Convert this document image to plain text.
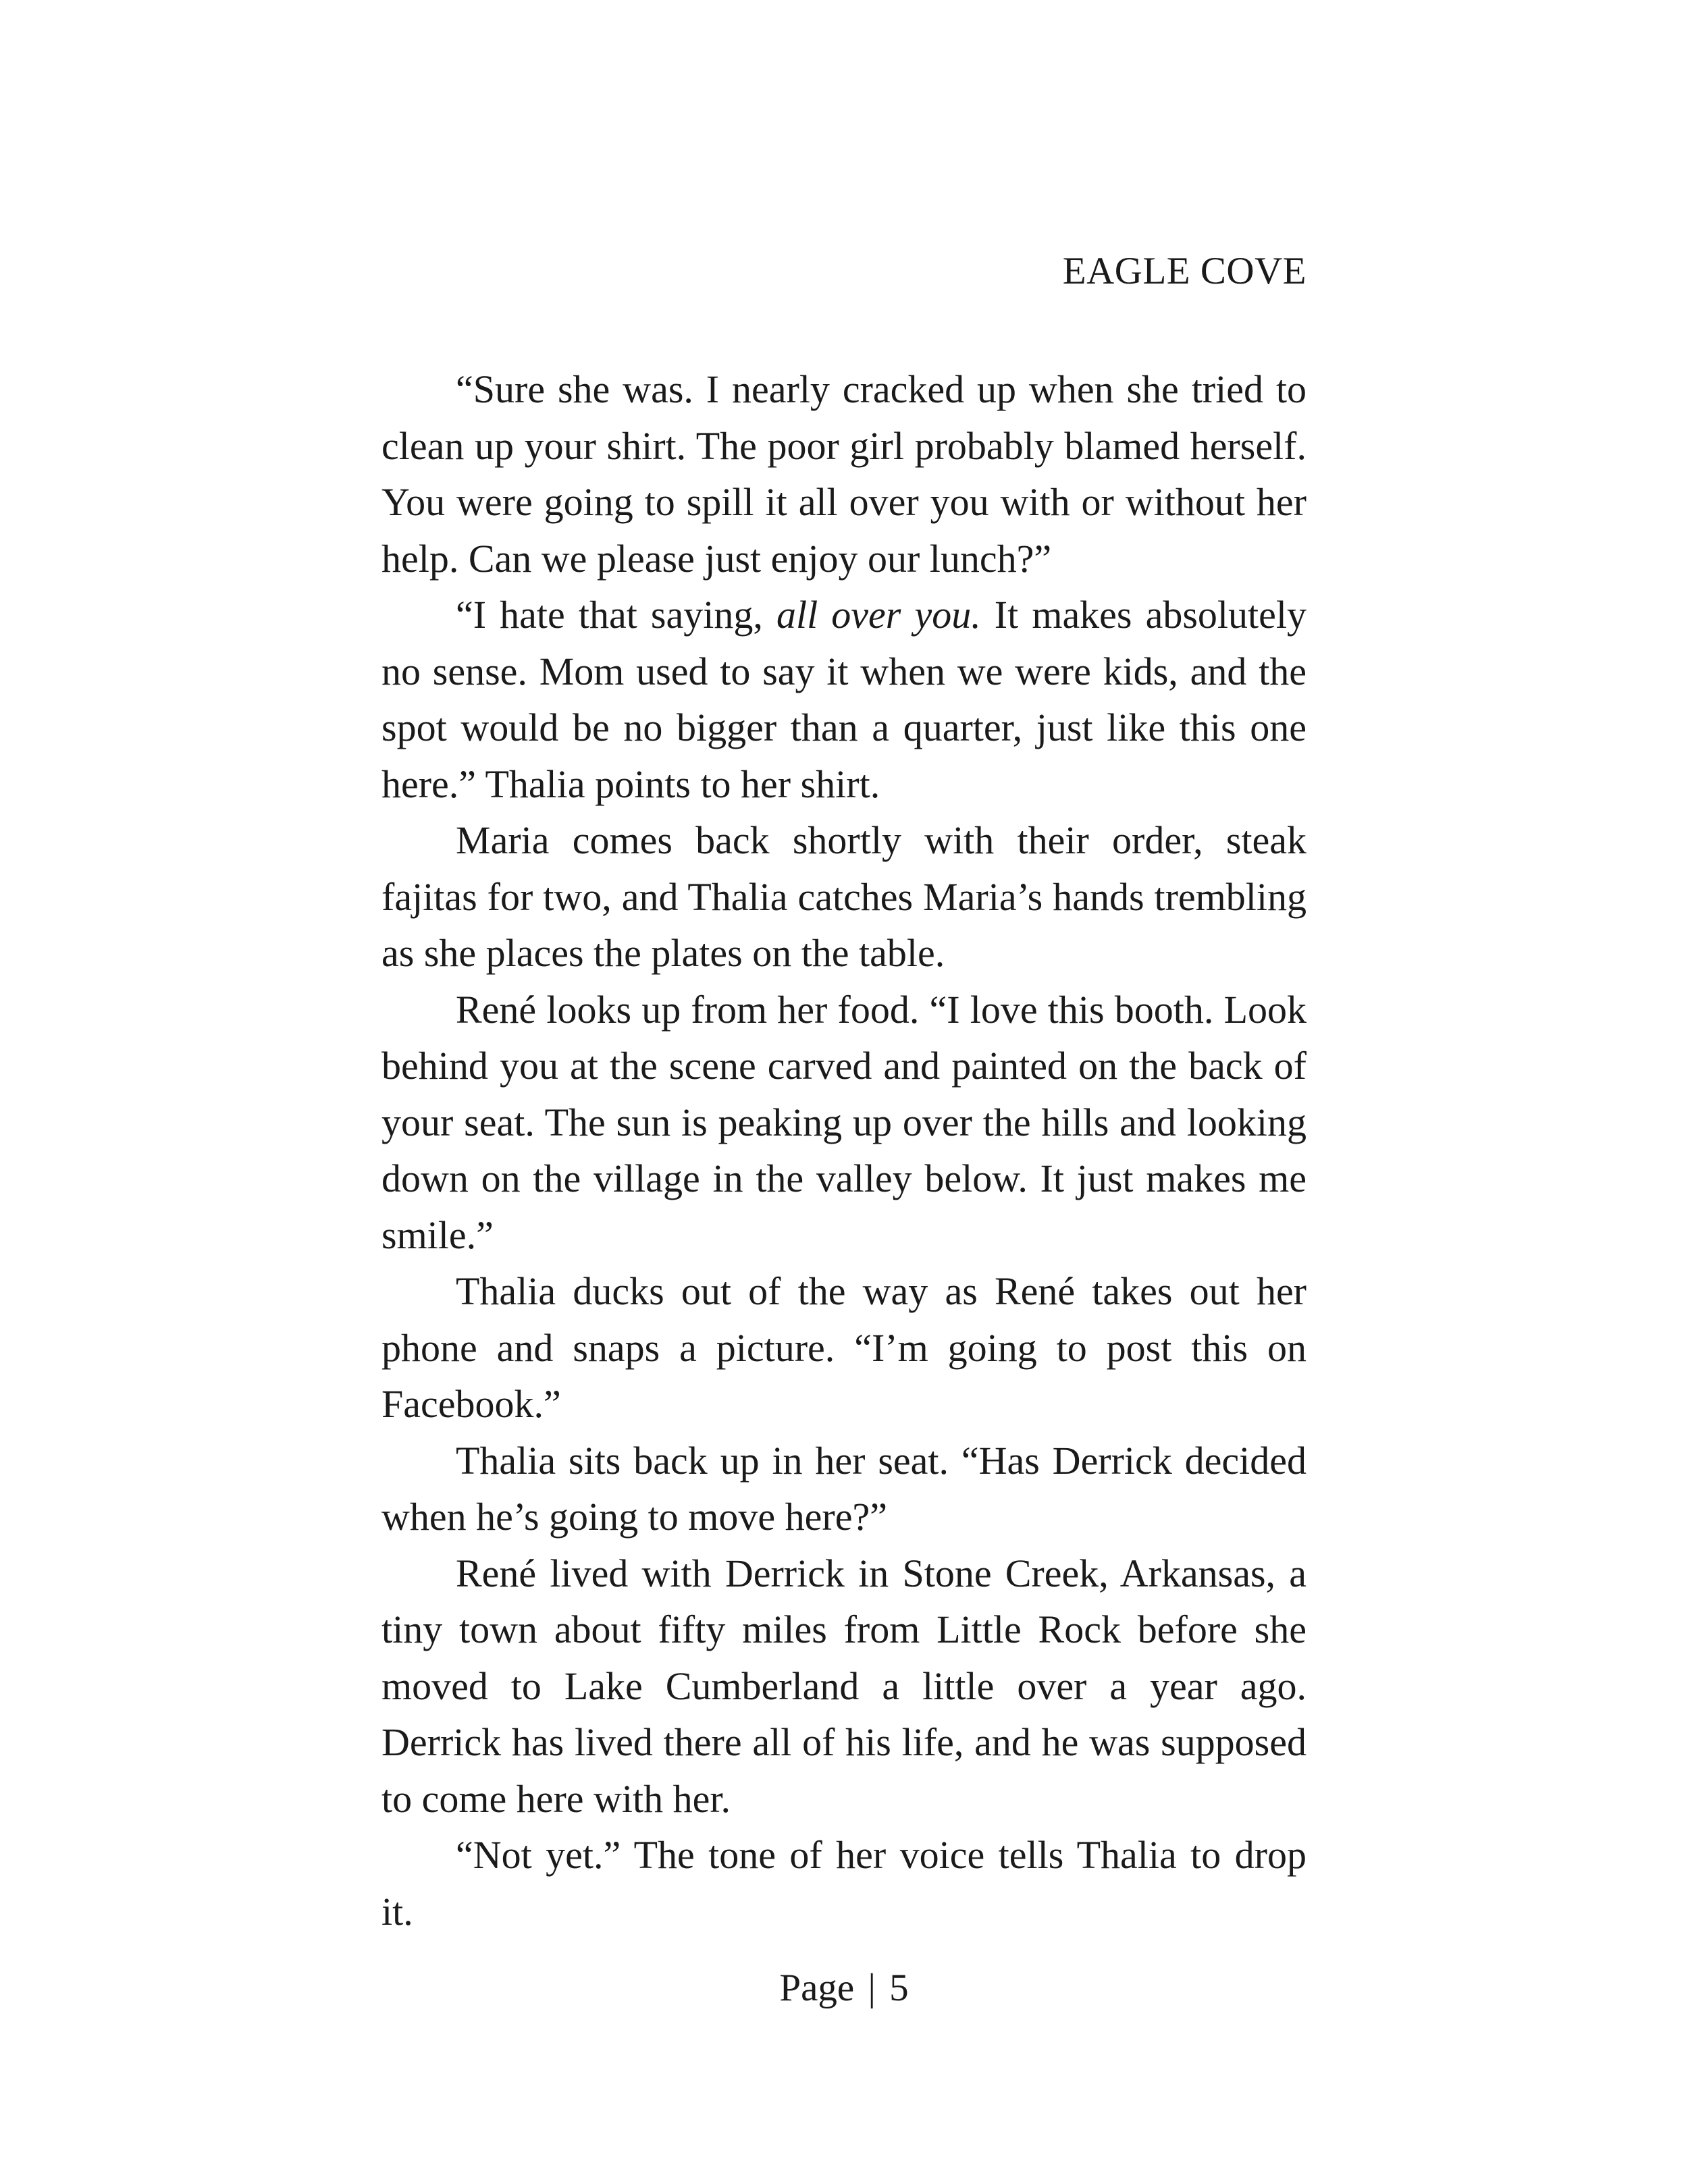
EAGLE COVE

“Sure she was. I nearly cracked up when she tried to clean up your shirt. The poor girl probably blamed herself. You were going to spill it all over you with or without her help. Can we please just enjoy our lunch?”

“I hate that saying, all over you. It makes absolutely no sense. Mom used to say it when we were kids, and the spot would be no bigger than a quarter, just like this one here.” Thalia points to her shirt.

Maria comes back shortly with their order, steak fajitas for two, and Thalia catches Maria’s hands trembling as she places the plates on the table.

René looks up from her food. “I love this booth. Look behind you at the scene carved and painted on the back of your seat. The sun is peaking up over the hills and looking down on the village in the valley below. It just makes me smile.”

Thalia ducks out of the way as René takes out her phone and snaps a picture. “I’m going to post this on Facebook.”

Thalia sits back up in her seat. “Has Derrick decided when he’s going to move here?”

René lived with Derrick in Stone Creek, Arkansas, a tiny town about fifty miles from Little Rock before she moved to Lake Cumberland a little over a year ago. Derrick has lived there all of his life, and he was supposed to come here with her.

“Not yet.” The tone of her voice tells Thalia to drop it.

Page | 5
